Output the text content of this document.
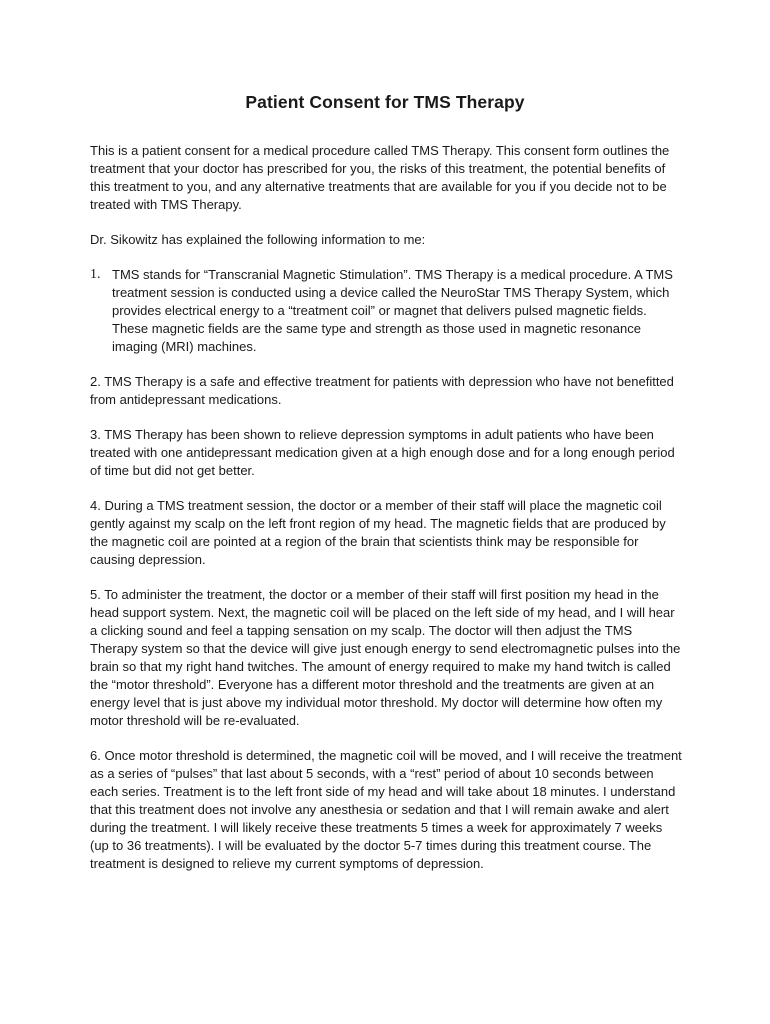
Patient Consent for TMS Therapy

This is a patient consent for a medical procedure called TMS Therapy. This consent form outlines the treatment that your doctor has prescribed for you, the risks of this treatment, the potential benefits of this treatment to you, and any alternative treatments that are available for you if you decide not to be treated with TMS Therapy.

Dr. Sikowitz has explained the following information to me:

1. TMS stands for “Transcranial Magnetic Stimulation”. TMS Therapy is a medical procedure. A TMS treatment session is conducted using a device called the NeuroStar TMS Therapy System, which provides electrical energy to a “treatment coil” or magnet that delivers pulsed magnetic fields. These magnetic fields are the same type and strength as those used in magnetic resonance imaging (MRI) machines.

2. TMS Therapy is a safe and effective treatment for patients with depression who have not benefitted from antidepressant medications.

3. TMS Therapy has been shown to relieve depression symptoms in adult patients who have been treated with one antidepressant medication given at a high enough dose and for a long enough period of time but did not get better.

4. During a TMS treatment session, the doctor or a member of their staff will place the magnetic coil gently against my scalp on the left front region of my head. The magnetic fields that are produced by the magnetic coil are pointed at a region of the brain that scientists think may be responsible for causing depression.

5. To administer the treatment, the doctor or a member of their staff will first position my head in the head support system. Next, the magnetic coil will be placed on the left side of my head, and I will hear a clicking sound and feel a tapping sensation on my scalp. The doctor will then adjust the TMS Therapy system so that the device will give just enough energy to send electromagnetic pulses into the brain so that my right hand twitches. The amount of energy required to make my hand twitch is called the “motor threshold”. Everyone has a different motor threshold and the treatments are given at an energy level that is just above my individual motor threshold. My doctor will determine how often my motor threshold will be re-evaluated.

6. Once motor threshold is determined, the magnetic coil will be moved, and I will receive the treatment as a series of “pulses” that last about 5 seconds, with a “rest” period of about 10 seconds between each series. Treatment is to the left front side of my head and will take about 18 minutes. I understand that this treatment does not involve any anesthesia or sedation and that I will remain awake and alert during the treatment. I will likely receive these treatments 5 times a week for approximately 7 weeks (up to 36 treatments). I will be evaluated by the doctor 5-7 times during this treatment course. The treatment is designed to relieve my current symptoms of depression.
